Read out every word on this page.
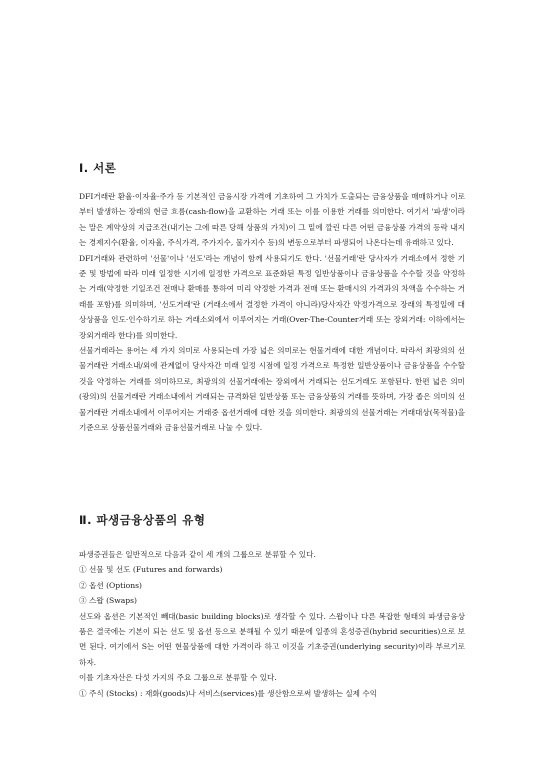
Ⅰ. 서론

DFI거래란 환율·이자율·주가 등 기본적인 금융시장 가격에 기초하여 그 가치가 도출되는 금융상품을 매매하거나 이로부터 발생하는 장래의 현금 흐름(cash-flow)을 교환하는 거래 또는 이를 이용한 거래를 의미한다. 여기서 '파생'이라는 말은 계약상의 지급조건(내기는 그에 따른 당해 상품의 가치)이 그 밑에 깔린 다른 어떤 금융상품 가격의 등락 내지는 경제지수(환율, 이자율, 주식가격, 주가지수, 물가지수 등)의 변동으로부터 파생되어 나온다는데 유래하고 있다.

DFI거래와 관련하여 '선물'이나 '선도'라는 개념이 함께 사용되기도 한다. '선물거래'란 당사자가 거래소에서 정한 기준 및 방법에 따라 미래 일정한 시기에 일정한 가격으로 표준화된 특정 일반상품이나 금융상품을 수수할 것을 약정하는 거래(약정한 기일조건 전매나 환매를 통하여 미리 약정한 가격과 전매 또는 환매시의 가격과의 차액을 수수하는 거래를 포함)를 의미하며, '선도거래'란 (거래소에서 결정한 가격이 아니라)당사자간 약정가격으로 장래의 특정일에 대상상품을 인도·인수하기로 하는 거래소외에서 이루어지는 거래(Over-The-Counter거래 또는 장외거래: 이하에서는 장외거래라 한다)를 의미한다.

선물거래라는 용어는 세 가지 의미로 사용되는데 가장 넓은 의미로는 현물거래에 대한 개념이다. 따라서 최광의의 선물거래란 거래소내/외에 관계없이 당사자간 미래 일정 시점에 일정 가격으로 특정한 일반상품이나 금융상품을 수수할 것을 약정하는 거래를 의미하므로, 최광의의 선물거래에는 장외에서 거래되는 선도거래도 포함된다. 한편 넓은 의미(광의)의 선물거래란 거래소내에서 거래되는 규격화된 일반상품 또는 금융상품의 거래를 뜻하며, 가장 좁은 의미의 선물거래란 거래소내에서 이루어지는 거래중 옵션거래에 대한 것을 의미한다. 최광의의 선물거래는 거래대상(목적물)을 기준으로 상품선물거래와 금융선물거래로 나눌 수 있다.

Ⅱ. 파생금융상품의 유형

파생증권들은 일반적으로 다음과 같이 세 개의 그룹으로 분류할 수 있다.

① 선물 및 선도 (Futures and forwards)

② 옵션 (Options)

③ 스왑 (Swaps)

선도와 옵션은 기본적인 빼대(basic building blocks)로 생각할 수 있다. 스왑이나 다른 복잡한 형태의 파생금융상품은 결국에는 기본이 되는 선도 및 옵션 등으로 분해될 수 있기 때문에 일종의 혼성증권(hybrid securities)으로 보면 된다. 여기에서 S는 어떤 현물상품에 대한 가격이라 하고 이것을 기초증권(underlying security)이라 부르기로 하자.

이를 기초자산은 다섯 가지의 주요 그룹으로 분류할 수 있다.

① 주식 (Stocks) : 재화(goods)나 서비스(services)를 생산함으로써 발생하는 실제 수익
